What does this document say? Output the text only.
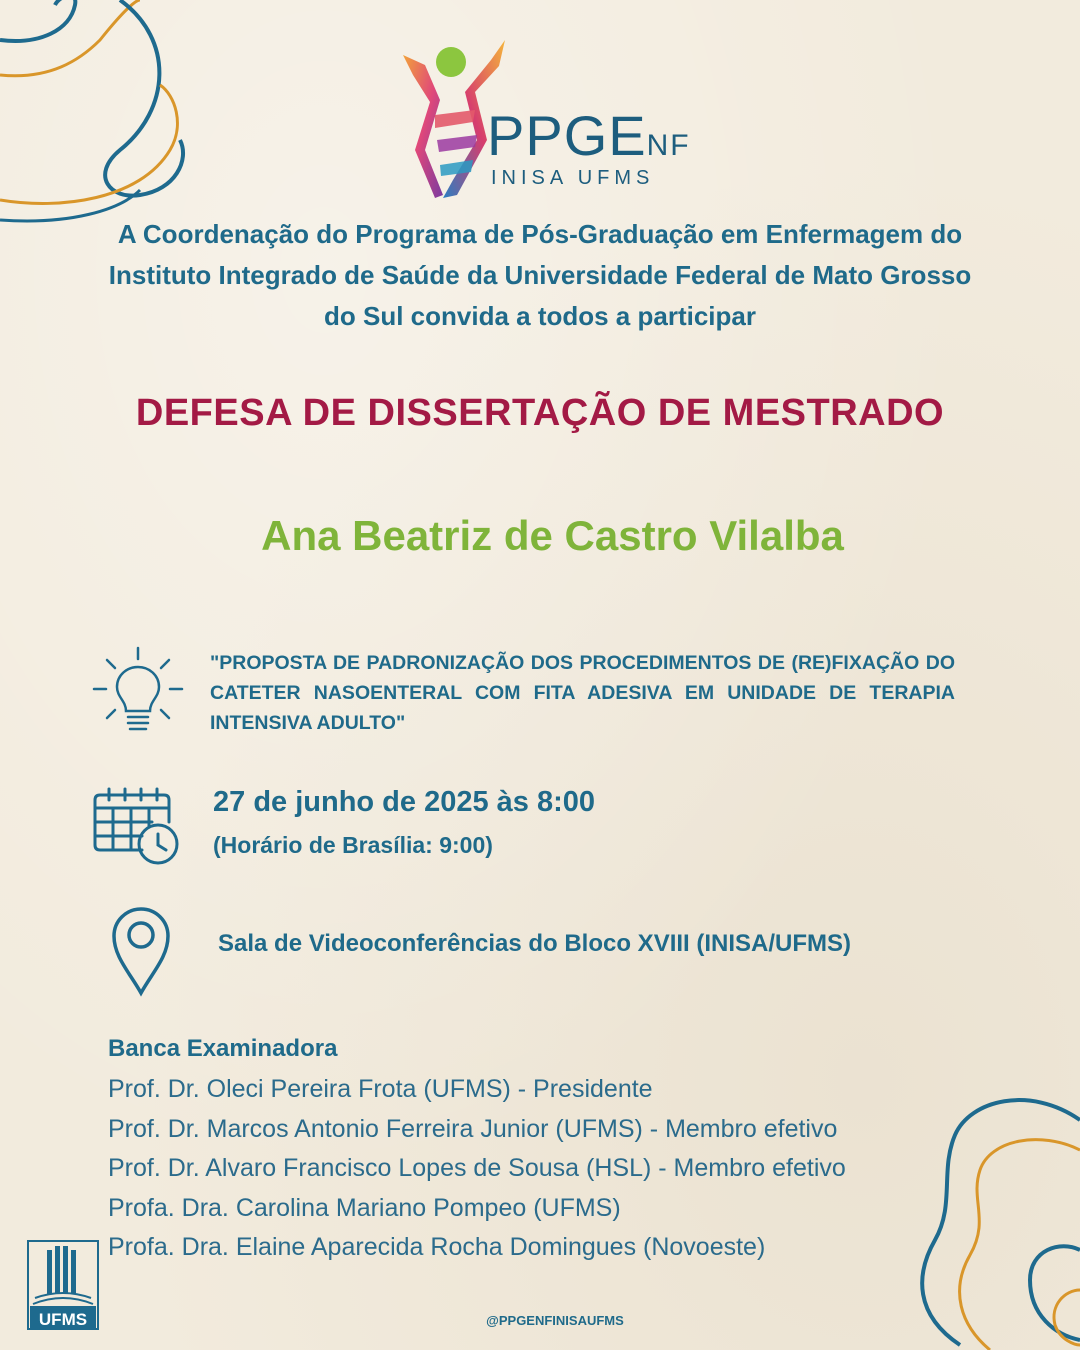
PPGENF
INISA UFMS
A Coordenação do Programa de Pós-Graduação em Enfermagem do Instituto Integrado de Saúde da Universidade Federal de Mato Grosso do Sul convida a todos a participar
DEFESA DE DISSERTAÇÃO DE MESTRADO
Ana Beatriz de Castro Vilalba
"PROPOSTA DE PADRONIZAÇÃO DOS PROCEDIMENTOS DE (RE)FIXAÇÃO DO CATETER NASOENTERAL COM FITA ADESIVA EM UNIDADE DE TERAPIA INTENSIVA ADULTO"
27 de junho de 2025 às 8:00
(Horário de Brasília: 9:00)
Sala de Videoconferências do Bloco XVIII (INISA/UFMS)
Banca Examinadora
Prof. Dr. Oleci Pereira Frota (UFMS) - Presidente
Prof. Dr. Marcos Antonio Ferreira Junior (UFMS) - Membro efetivo
Prof. Dr. Alvaro Francisco Lopes de Sousa (HSL) - Membro efetivo
Profa. Dra. Carolina Mariano Pompeo (UFMS)
Profa. Dra. Elaine Aparecida Rocha Domingues (Novoeste)
UFMS	@PPGENFINISAUFMS
